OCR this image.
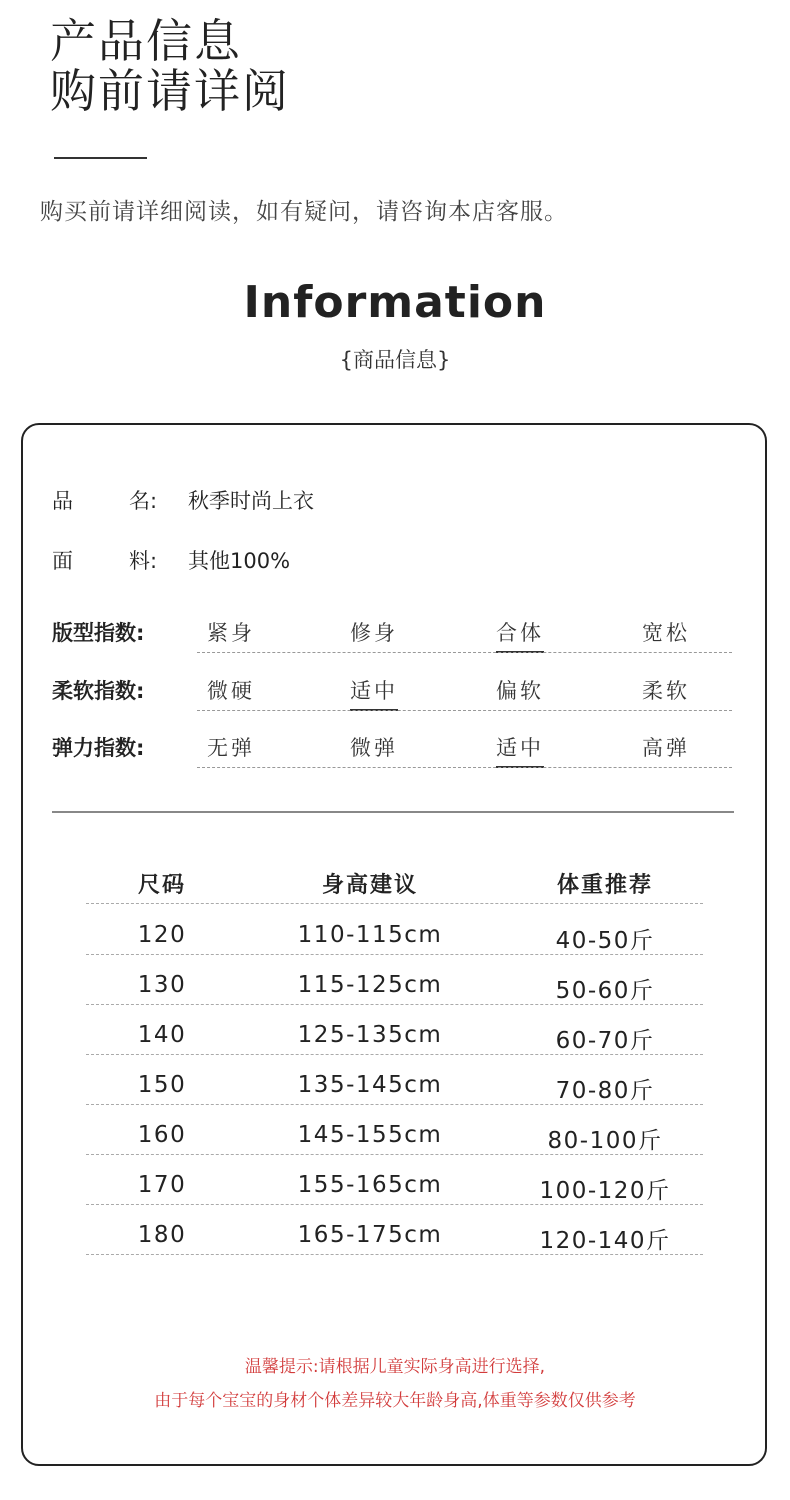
产品信息
购前请详阅
购买前请详细阅读，如有疑问，请咨询本店客服。
Information
{商品信息}
品	名: 秋季时尚上衣
面	料: 其他100%
版型指数:	紧身	修身	合体	宽松
柔软指数:	微硬	适中	偏软	柔软
弹力指数:	无弹	微弹	适中	高弹
尺码	身高建议	体重推荐
120	110-115cm	40-50斤
130	115-125cm	50-60斤
140	125-135cm	60-70斤
150	135-145cm	70-80斤
160	145-155cm	80-100斤
170	155-165cm	100-120斤
180	165-175cm	120-140斤
温馨提示:请根据儿童实际身高进行选择,
由于每个宝宝的身材个体差异较大年龄身高,体重等参数仅供参考
